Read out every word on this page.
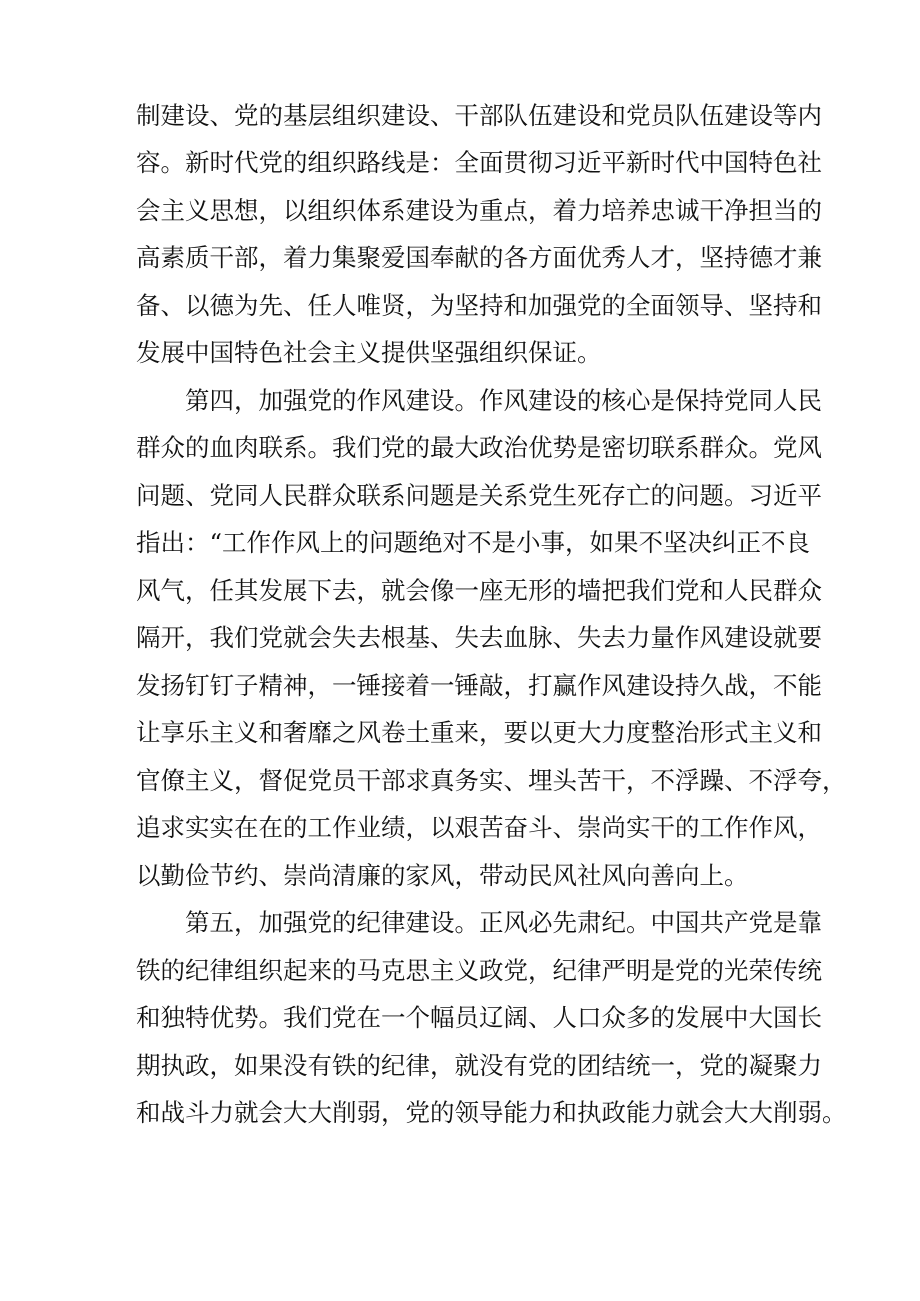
制建设、党的基层组织建设、干部队伍建设和党员队伍建设等内
容。新时代党的组织路线是：全面贯彻习近平新时代中国特色社
会主义思想，以组织体系建设为重点，着力培养忠诚干净担当的
高素质干部，着力集聚爱国奉献的各方面优秀人才，坚持德才兼
备、以德为先、任人唯贤，为坚持和加强党的全面领导、坚持和
发展中国特色社会主义提供坚强组织保证。
第四，加强党的作风建设。作风建设的核心是保持党同人民
群众的血肉联系。我们党的最大政治优势是密切联系群众。党风
问题、党同人民群众联系问题是关系党生死存亡的问题。习近平
指出：“工作作风上的问题绝对不是小事，如果不坚决纠正不良
风气，任其发展下去，就会像一座无形的墙把我们党和人民群众
隔开，我们党就会失去根基、失去血脉、失去力量作风建设就要
发扬钉钉子精神，一锤接着一锤敲，打赢作风建设持久战，不能
让享乐主义和奢靡之风卷土重来，要以更大力度整治形式主义和
官僚主义，督促党员干部求真务实、埋头苦干，不浮躁、不浮夸，
追求实实在在的工作业绩，以艰苦奋斗、崇尚实干的工作作风，
以勤俭节约、崇尚清廉的家风，带动民风社风向善向上。
第五，加强党的纪律建设。正风必先肃纪。中国共产党是靠
铁的纪律组织起来的马克思主义政党，纪律严明是党的光荣传统
和独特优势。我们党在一个幅员辽阔、人口众多的发展中大国长
期执政，如果没有铁的纪律，就没有党的团结统一，党的凝聚力
和战斗力就会大大削弱，党的领导能力和执政能力就会大大削弱。
